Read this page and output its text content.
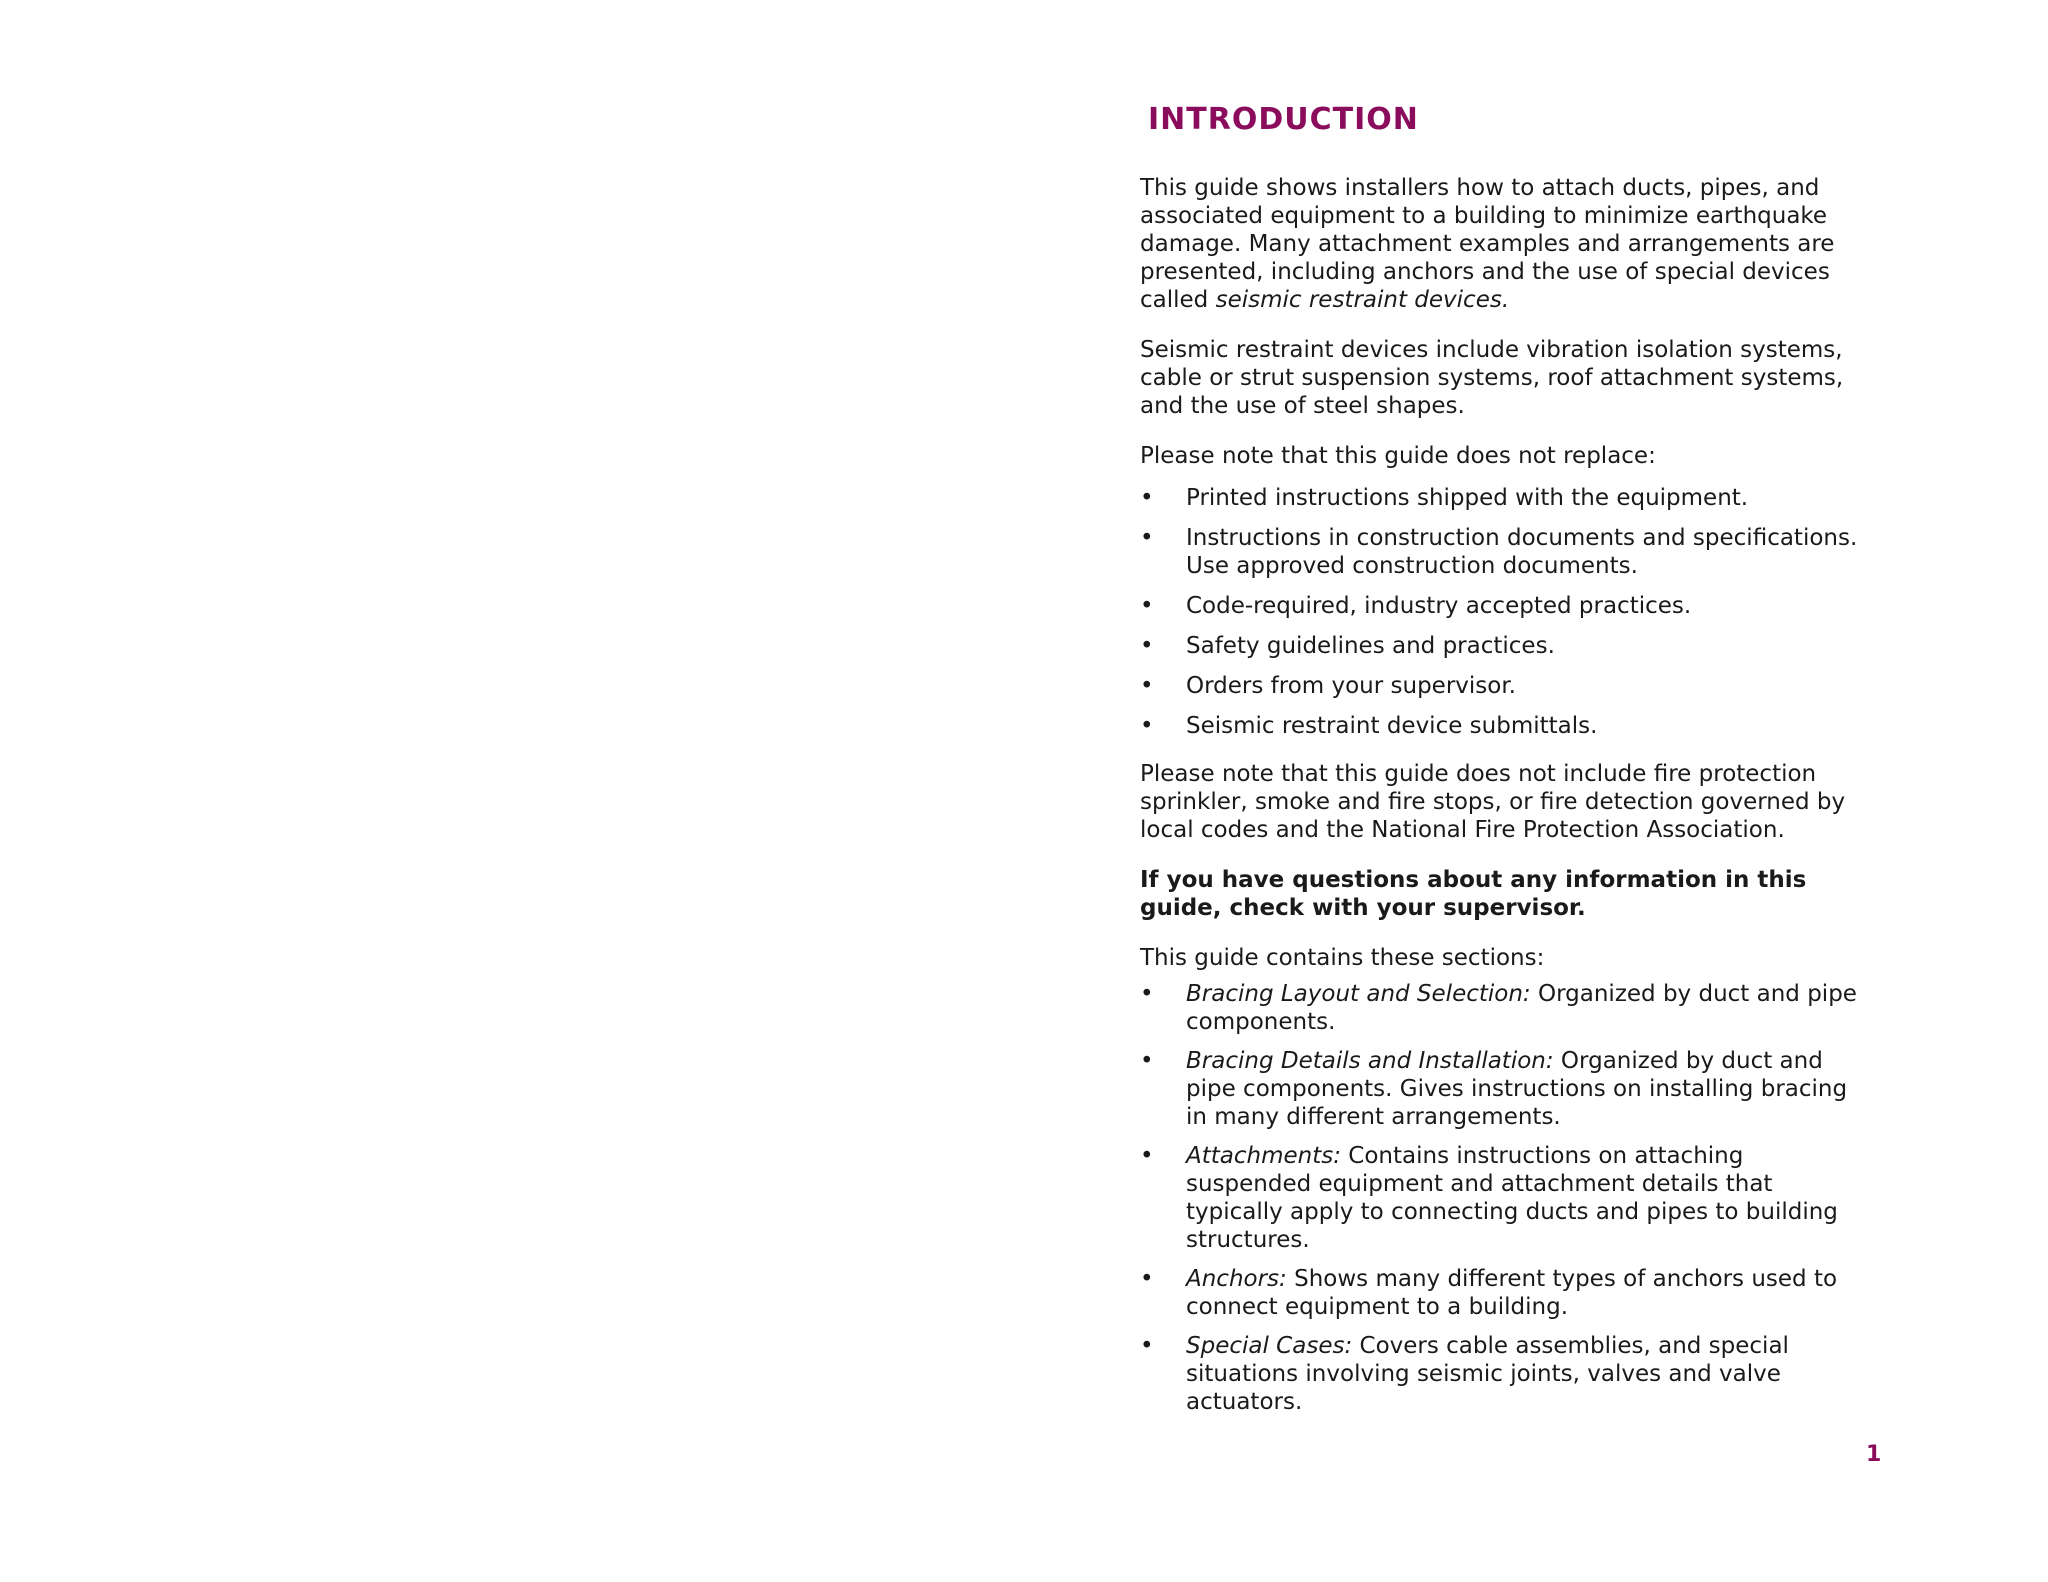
INTRODUCTION

This guide shows installers how to attach ducts, pipes, and associated equipment to a building to minimize earthquake damage. Many attachment examples and arrangements are presented, including anchors and the use of special devices called seismic restraint devices.

Seismic restraint devices include vibration isolation systems, cable or strut suspension systems, roof attachment systems, and the use of steel shapes.

Please note that this guide does not replace:

•	Printed instructions shipped with the equipment.
•	Instructions in construction documents and specifications. Use approved construction documents.
•	Code-required, industry accepted practices.
•	Safety guidelines and practices.
•	Orders from your supervisor.
•	Seismic restraint device submittals.

Please note that this guide does not include fire protection sprinkler, smoke and fire stops, or fire detection governed by local codes and the National Fire Protection Association.

If you have questions about any information in this guide, check with your supervisor.

This guide contains these sections:

•	Bracing Layout and Selection: Organized by duct and pipe components.
•	Bracing Details and Installation: Organized by duct and pipe components. Gives instructions on installing bracing in many different arrangements.
•	Attachments: Contains instructions on attaching suspended equipment and attachment details that typically apply to connecting ducts and pipes to building structures.
•	Anchors: Shows many different types of anchors used to connect equipment to a building.
•	Special Cases: Covers cable assemblies, and special situations involving seismic joints, valves and valve actuators.
1
